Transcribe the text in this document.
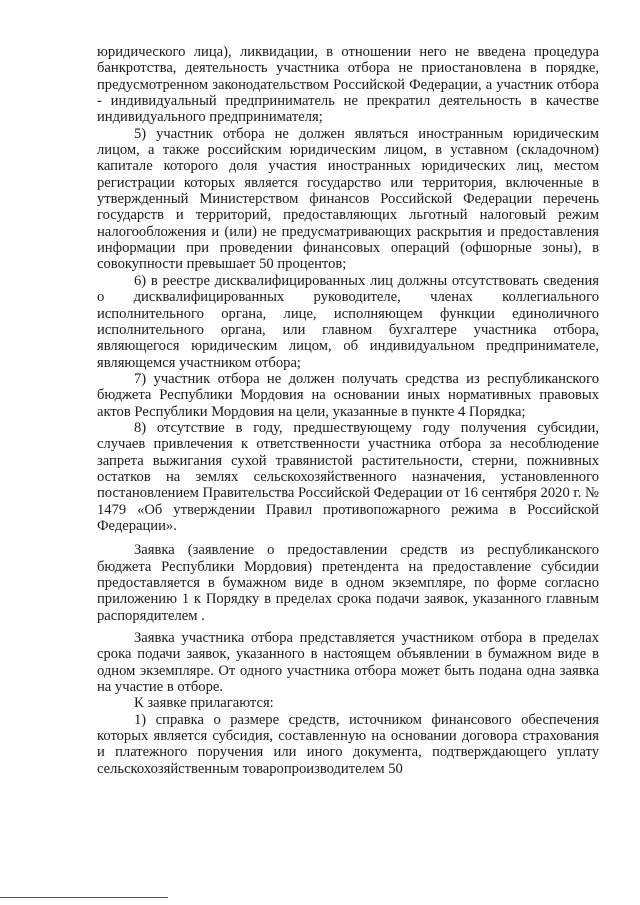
юридического лица), ликвидации, в отношении него не введена процедура банкротства, деятельность участника отбора не приостановлена в порядке, предусмотренном законодательством Российской Федерации, а участник отбора - индивидуальный предприниматель не прекратил деятельность в качестве индивидуального предпринимателя;

5) участник отбора не должен являться иностранным юридическим лицом, а также российским юридическим лицом, в уставном (складочном) капитале которого доля участия иностранных юридических лиц, местом регистрации которых является государство или территория, включенные в утвержденный Министерством финансов Российской Федерации перечень государств и территорий, предоставляющих льготный налоговый режим налогообложения и (или) не предусматривающих раскрытия и предоставления информации при проведении финансовых операций (офшорные зоны), в совокупности превышает 50 процентов;

6) в реестре дисквалифицированных лиц должны отсутствовать сведения о дисквалифицированных руководителе, членах коллегиального исполнительного органа, лице, исполняющем функции единоличного исполнительного органа, или главном бухгалтере участника отбора, являющегося юридическим лицом, об индивидуальном предпринимателе, являющемся участником отбора;

7) участник отбора не должен получать средства из республиканского бюджета Республики Мордовия на основании иных нормативных правовых актов Республики Мордовия на цели, указанные в пункте 4 Порядка;

8) отсутствие в году, предшествующему году получения субсидии, случаев привлечения к ответственности участника отбора за несоблюдение запрета выжигания сухой травянистой растительности, стерни, пожнивных остатков на землях сельскохозяйственного назначения, установленного постановлением Правительства Российской Федерации от 16 сентября 2020 г. № 1479 «Об утверждении Правил противопожарного режима в Российской Федерации».

Заявка (заявление о предоставлении средств из республиканского бюджета Республики Мордовия) претендента на предоставление субсидии предоставляется в бумажном виде в одном экземпляре, по форме согласно приложению 1 к Порядку в пределах срока подачи заявок, указанного главным распорядителем .

Заявка участника отбора представляется участником отбора в пределах срока подачи заявок, указанного в настоящем объявлении в бумажном виде в одном экземпляре. От одного участника отбора может быть подана одна заявка на участие в отборе.

К заявке прилагаются:

1) справка о размере средств, источником финансового обеспечения которых является субсидия, составленную на основании договора страхования и платежного поручения или иного документа, подтверждающего уплату сельскохозяйственным товаропроизводителем 50
